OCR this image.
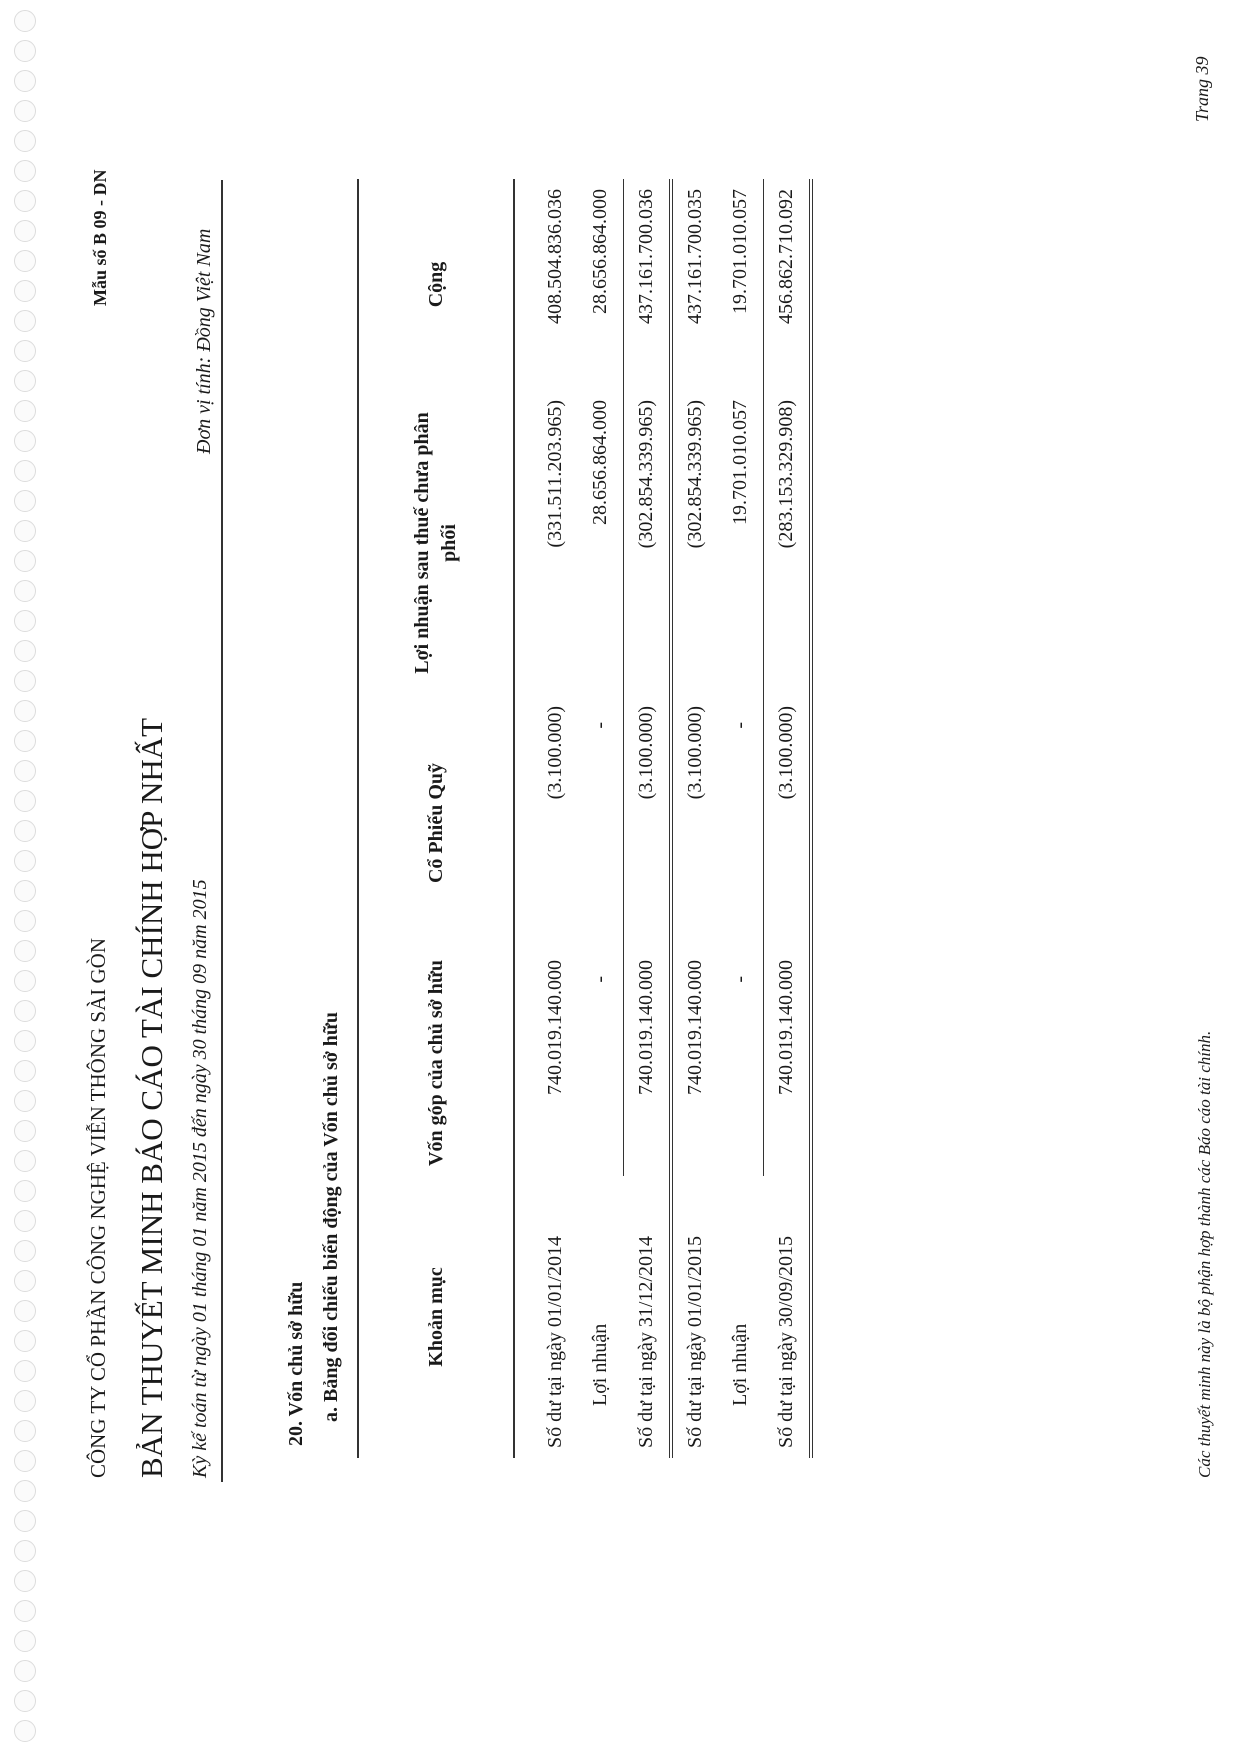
CÔNG TY CỔ PHẦN CÔNG NGHỆ VIỄN THÔNG SÀI GÒN
Mẫu số B 09 - DN
BẢN THUYẾT MINH BÁO CÁO TÀI CHÍNH HỢP NHẤT Kỳ kế toán từ ngày 01 tháng 01 năm 2015 đến ngày 30 tháng 09 năm 2015
Đơn vị tính: Đồng Việt Nam
20. Vốn chủ sở hữu a. Bảng đối chiếu biến động của Vốn chủ sở hữu	Khoản mục	Vốn góp của chủ sở hữu	Cổ Phiếu Quỹ	Lợi nhuận sau thuế chưa phân phối	Cộng

Số dư tại ngày 01/01/2014	740.019.140.000	(3.100.000)	(331.511.203.965)	408.504.836.036
Lợi nhuận	-	-	28.656.864.000	28.656.864.000
Số dư tại ngày 31/12/2014	740.019.140.000	(3.100.000)	(302.854.339.965)	437.161.700.036
Số dư tại ngày 01/01/2015	740.019.140.000	(3.100.000)	(302.854.339.965)	437.161.700.035
Lợi nhuận	-	-	19.701.010.057	19.701.010.057
Số dư tại ngày 30/09/2015	740.019.140.000	(3.100.000)	(283.153.329.908)	456.862.710.092
Các thuyết minh này là bộ phận hợp thành các Báo cáo tài chính.
Trang 39
